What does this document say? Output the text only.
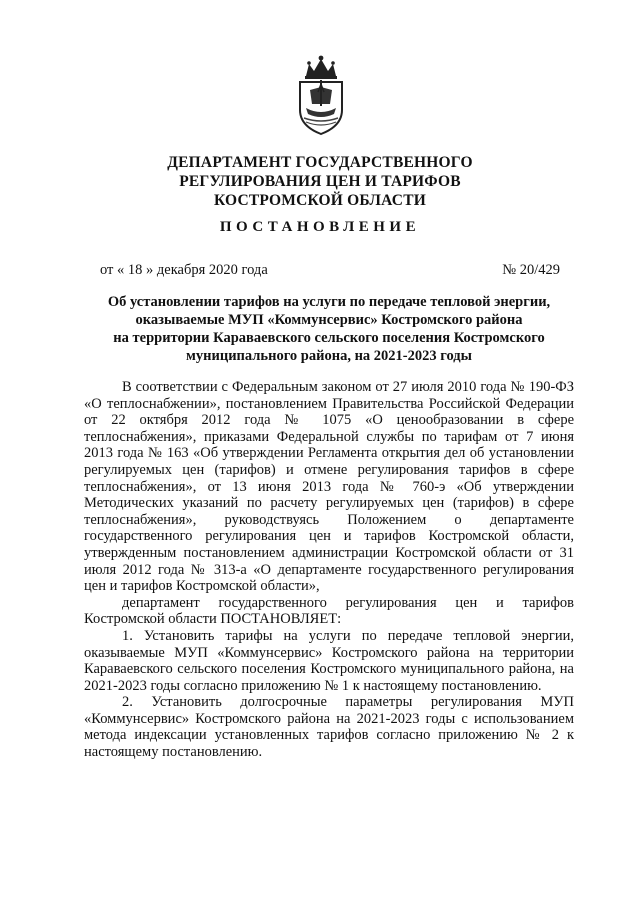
ДЕПАРТАМЕНТ ГОСУДАРСТВЕННОГО
РЕГУЛИРОВАНИЯ ЦЕН И ТАРИФОВ
КОСТРОМСКОЙ ОБЛАСТИ
ПОСТАНОВЛЕНИЕ
от « 18 » декабря 2020 года	№ 20/429
Об установлении тарифов на услуги по передаче тепловой энергии,
оказываемые МУП «Коммунсервис» Костромского района
на территории Караваевского сельского поселения Костромского
муниципального района, на 2021-2023 годы

В соответствии с Федеральным законом от 27 июля 2010 года № 190-ФЗ «О теплоснабжении», постановлением Правительства Российской Федерации от 22 октября 2012 года № 1075 «О ценообразовании в сфере теплоснабжения», приказами Федеральной службы по тарифам от 7 июня 2013 года № 163 «Об утверждении Регламента открытия дел об установлении регулируемых цен (тарифов) и отмене регулирования тарифов в сфере теплоснабжения», от 13 июня 2013 года № 760-э «Об утверждении Методических указаний по расчету регулируемых цен (тарифов) в сфере теплоснабжения», руководствуясь Положением о департаменте государственного регулирования цен и тарифов Костромской области, утвержденным постановлением администрации Костромской области от 31 июля 2012 года № 313-а «О департаменте государственного регулирования цен и тарифов Костромской области»,

департамент государственного регулирования цен и тарифов Костромской области ПОСТАНОВЛЯЕТ:

1. Установить тарифы на услуги по передаче тепловой энергии, оказываемые МУП «Коммунсервис» Костромского района на территории Караваевского сельского поселения Костромского муниципального района, на 2021-2023 годы согласно приложению № 1 к настоящему постановлению.

2. Установить долгосрочные параметры регулирования МУП «Коммунсервис» Костромского района на 2021-2023 годы с использованием метода индексации установленных тарифов согласно приложению № 2 к настоящему постановлению.
